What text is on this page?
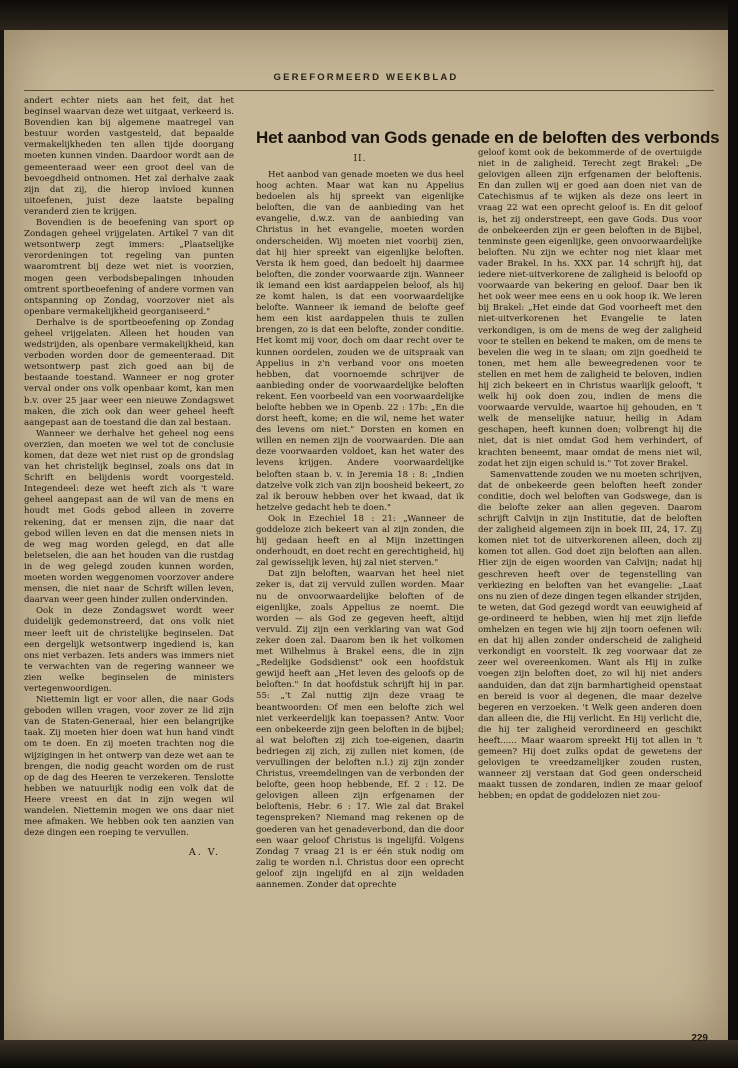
GEREFORMEERD WEEKBLAD

andert echter niets aan het feit, dat het beginsel waarvan deze wet uitgaat, verkeerd is. Bovendien kan bij algemene maatregel van bestuur worden vastgesteld, dat bepaalde vermakelijkheden ten allen tijde doorgang moeten kunnen vinden. Daardoor wordt aan de gemeenteraad weer een groot deel van de bevoegdheid ontnomen. Het zal derhalve zaak zijn dat zij, die hierop invloed kunnen uitoefenen, juist deze laatste bepaling veranderd zien te krijgen.

Bovendien is de beoefening van sport op Zondagen geheel vrijgelaten. Artikel 7 van dit wetsontwerp zegt immers: „Plaatselijke verordeningen tot regeling van punten waaromtrent bij deze wet niet is voorzien, mogen geen verbodsbepalingen inhouden omtrent sportbeoefening of andere vormen van ontspanning op Zondag, voorzover niet als openbare vermakelijkheid georganiseerd."

Derhalve is de sportbeoefening op Zondag geheel vrijgelaten. Alleen het houden van wedstrijden, als openbare vermakelijkheid, kan verboden worden door de gemeenteraad. Dit wetsontwerp past zich goed aan bij de bestaande toestand. Wanneer er nog groter verval onder ons volk openbaar komt, kan men b.v. over 25 jaar weer een nieuwe Zondagswet maken, die zich ook dan weer geheel heeft aangepast aan de toestand die dan zal bestaan.

Wanneer we derhalve het geheel nog eens overzien, dan moeten we wel tot de conclusie komen, dat deze wet niet rust op de grondslag van het christelijk beginsel, zoals ons dat in Schrift en belijdenis wordt voorgesteld. Integendeel: deze wet heeft zich als 't ware geheel aangepast aan de wil van de mens en houdt met Gods gebod alleen in zoverre rekening, dat er mensen zijn, die naar dat gebod willen leven en dat die mensen niets in de weg mag worden gelegd, en dat alle beletselen, die aan het houden van die rustdag in de weg gelegd zouden kunnen worden, moeten worden weggenomen voorzover andere mensen, die niet naar de Schrift willen leven, daarvan weer geen hinder zullen ondervinden.

Ook in deze Zondagswet wordt weer duidelijk gedemonstreerd, dat ons volk niet meer leeft uit de christelijke beginselen. Dat een dergelijk wetsontwerp ingediend is, kan ons niet verbazen. Iets anders was immers niet te verwachten van de regering wanneer we zien welke beginselen de ministers vertegenwoordigen.

Niettemin ligt er voor allen, die naar Gods geboden willen vragen, voor zover ze lid zijn van de Staten-Generaal, hier een belangrijke taak. Zij moeten hier doen wat hun hand vindt om te doen. En zij moeten trachten nog die wijzigingen in het ontwerp van deze wet aan te brengen, die nodig geacht worden om de rust op de dag des Heeren te verzekeren. Tenslotte hebben we natuurlijk nodig een volk dat de Heere vreest en dat in zijn wegen wil wandelen. Niettemin mogen we ons daar niet mee afmaken. We hebben ook ten aanzien van deze dingen een roeping te vervullen.

A. V.
Het aanbod van Gods genade en de beloften des verbonds
II.

Het aanbod van genade moeten we dus heel hoog achten. Maar wat kan nu Appelius bedoelen als hij spreekt van eigenlijke beloften, die van de aanbieding van het evangelie, d.w.z. van de aanbieding van Christus in het evangelie, moeten worden onderscheiden. Wij moeten niet voorbij zien, dat hij hier spreekt van eigenlijke beloften. Versta ik hem goed, dan bedoelt hij daarmee beloften, die zonder voorwaarde zijn. Wanneer ik iemand een kist aardappelen beloof, als hij ze komt halen, is dat een voorwaardelijke belofte. Wanneer ik iemand de belofte geef hem een kist aardappelen thuis te zullen brengen, zo is dat een belofte, zonder conditie. Het komt mij voor, doch om daar recht over te kunnen oordelen, zouden we de uitspraak van Appelius in z'n verband voor ons moeten hebben, dat voornoemde schrijver de aanbieding onder de voorwaardelijke beloften rekent. Een voorbeeld van een voorwaardelijke belofte hebben we in Openb. 22 : 17b: „En die dorst heeft, kome; en die wil, neme het water des levens om niet." Dorsten en komen en willen en nemen zijn de voorwaarden. Die aan deze voorwaarden voldoet, kan het water des levens krijgen. Andere voorwaardelijke beloften staan b. v. in Jeremia 18 : 8: „Indien datzelve volk zich van zijn boosheid bekeert, zo zal ik berouw hebben over het kwaad, dat ik hetzelve gedacht heb te doen."

Ook in Ezechiel 18 : 21: „Wanneer de goddeloze zich bekeert van al zijn zonden, die hij gedaan heeft en al Mijn inzettingen onderhoudt, en doet recht en gerechtigheid, hij zal gewisselijk leven, hij zal niet sterven."

Dat zijn beloften, waarvan het heel niet zeker is, dat zij vervuld zullen worden. Maar nu de onvoorwaardelijke beloften of de eigenlijke, zoals Appelius ze noemt. Die worden — als God ze gegeven heeft, altijd vervuld. Zij zijn een verklaring van wat God zeker doen zal. Daarom ben ik het volkomen met Wilhelmus à Brakel eens, die in zijn „Redelijke Godsdienst" ook een hoofdstuk gewijd heeft aan „Het leven des geloofs op de beloften." In dat hoofdstuk schrijft hij in par. 55: „'t Zal nuttig zijn deze vraag te beantwoorden: Of men een belofte zich wel niet verkeerdelijk kan toepassen? Antw. Voor een onbekeerde zijn geen beloften in de bijbel; al wat beloften zij zich toe-eigenen, daarin bedriegen zij zich, zij zullen niet komen, (de vervullingen der beloften n.l.) zij zijn zonder Christus, vreemdelingen van de verbonden der belofte, geen hoop hebbende, Ef. 2 : 12. De gelovigen alleen zijn erfgenamen der beloftenis, Hebr. 6 : 17. Wie zal dat Brakel tegenspreken? Niemand mag rekenen op de goederen van het genadeverbond, dan die door een waar geloof Christus is ingelijfd. Volgens Zondag 7 vraag 21 is er één stuk nodig om zalig te worden n.l. Christus door een oprecht geloof zijn ingelijfd en al zijn weldaden aannemen. Zonder dat oprechte

geloof komt ook de bekommerde of de overtuigde niet in de zaligheid. Terecht zegt Brakel: „De gelovigen alleen zijn erfgenamen der beloftenis. En dan zullen wij er goed aan doen niet van de Catechismus af te wijken als deze ons leert in vraag 22 wat een oprecht geloof is. En dit geloof is, het zij onderstreept, een gave Gods. Dus voor de onbekeerden zijn er geen beloften in de Bijbel, tenminste geen eigenlijke, geen onvoorwaardelijke beloften. Nu zijn we echter nog niet klaar met vader Brakel. In hs. XXX par. 14 schrijft hij, dat iedere niet-uitverkorene de zaligheid is beloofd op voorwaarde van bekering en geloof. Daar ben ik het ook weer mee eens en u ook hoop ik. We leren bij Brakel: „Het einde dat God voorheeft met den niet-uitverkorenen het Evangelie te laten verkondigen, is om de mens de weg der zaligheid voor te stellen en bekend te maken, om de mens te bevelen die weg in te slaan; om zijn goedheid te tonen, met hem alle beweegredenen voor te stellen en met hem de zaligheid te beloven, indien hij zich bekeert en in Christus waarlijk gelooft, 't welk hij ook doen zou, indien de mens die voorwaarde vervulde, waartoe hij gehouden, en 't welk de menselijke natuur, heilig in Adam geschapen, heeft kunnen doen; volbrengt hij die niet, dat is niet omdat God hem verhindert, of krachten beneemt, maar omdat de mens niet wil, zodat het zijn eigen schuld is." Tot zover Brakel.

Samenvattende zouden we nu moeten schrijven, dat de onbekeerde geen beloften heeft zonder conditie, doch wel beloften van Godswege, dan is die belofte zeker aan allen gegeven. Daarom schrijft Calvijn in zijn Institutie, dat de beloften der zaligheid algemeen zijn in boek III, 24, 17. Zij komen niet tot de uitverkorenen alleen, doch zij komen tot allen. God doet zijn beloften aan allen. Hier zijn de eigen woorden van Calvijn; nadat hij geschreven heeft over de tegenstelling van verkiezing en beloften van het evangelie: „Laat ons nu zien of deze dingen tegen elkander strijden, te weten, dat God gezegd wordt van eeuwigheid af ge-ordineerd te hebben, wien hij met zijn liefde omhelzen en tegen wie hij zijn toorn oefenen wil: en dat hij allen zonder onderscheid de zaligheid verkondigt en voorstelt. Ik zeg voorwaar dat ze zeer wel overeenkomen. Want als Hij in zulke voegen zijn beloften doet, zo wil hij niet anders aanduiden, dan dat zijn barmhartigheid openstaat en bereid is voor al degenen, die maar dezelve begeren en verzoeken. 't Welk geen anderen doen dan alleen die, die Hij verlicht. En Hij verlicht die, die hij ter zaligheid verordineerd en geschikt heeft...... Maar waarom spreekt Hij tot allen in 't gemeen? Hij doet zulks opdat de gewetens der gelovigen te vreedzamelijker zouden rusten, wanneer zij verstaan dat God geen onderscheid maakt tussen de zondaren, indien ze maar geloof hebben; en opdat de goddelozen niet zou-

229
